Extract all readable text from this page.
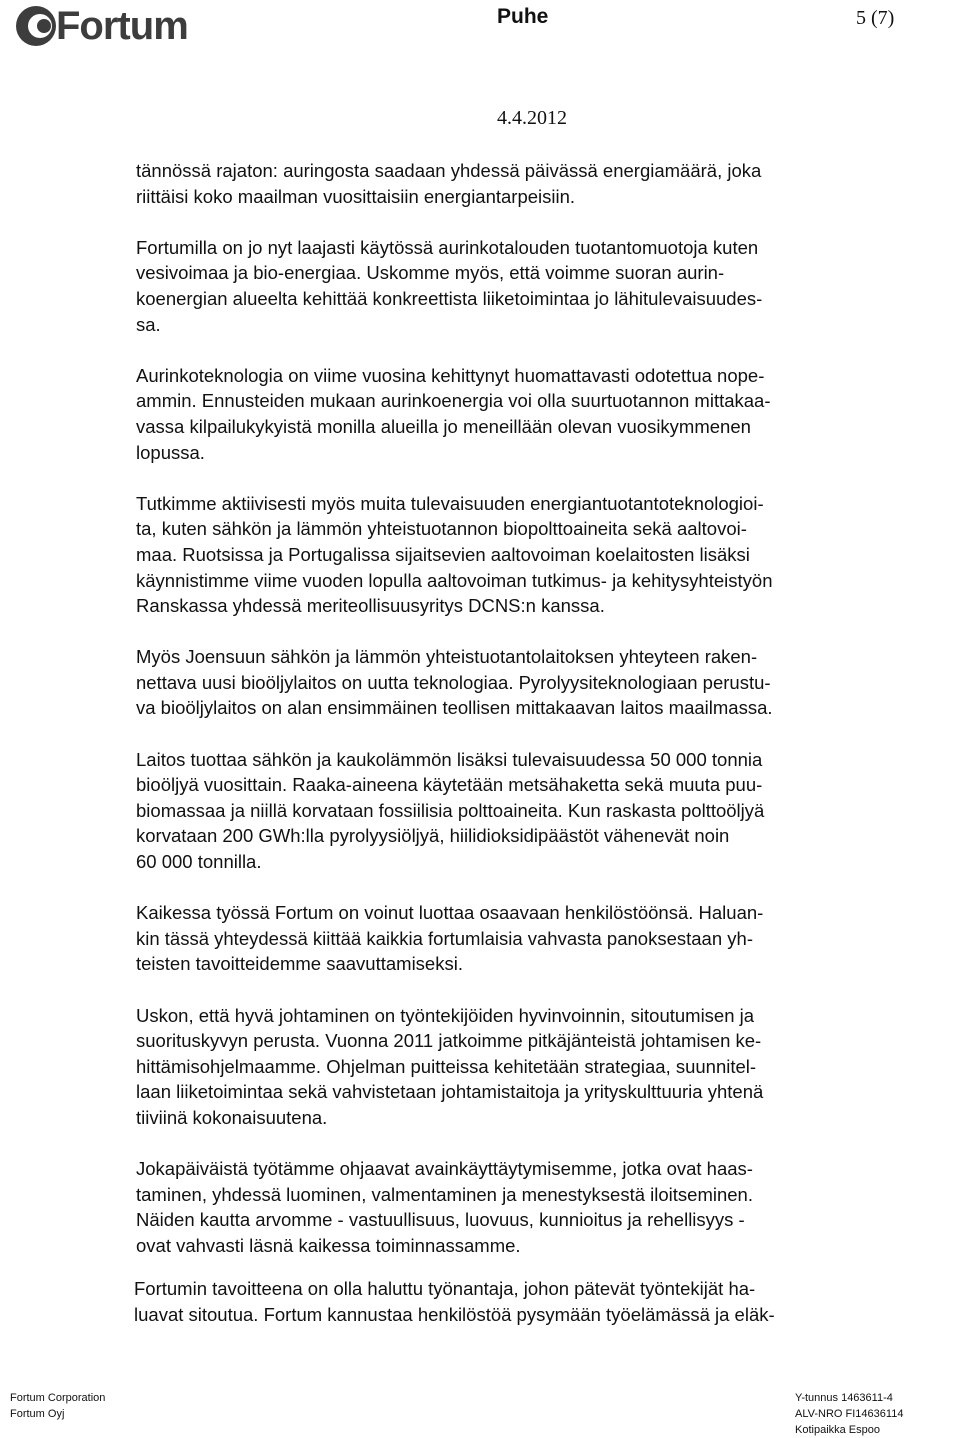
Fortum	Puhe	5 (7)
4.4.2012

tännössä rajaton: auringosta saadaan yhdessä päivässä energiamäärä, joka
riittäisi koko maailman vuosittaisiin energiantarpeisiin.

Fortumilla on jo nyt laajasti käytössä aurinkotalouden tuotantomuotoja kuten
vesivoimaa ja bio-energiaa. Uskomme myös, että voimme suoran aurin-
koenergian alueelta kehittää konkreettista liiketoimintaa jo lähitulevaisuudes-
sa.

Aurinkoteknologia on viime vuosina kehittynyt huomattavasti odotettua nope-
ammin. Ennusteiden mukaan aurinkoenergia voi olla suurtuotannon mittakaa-
vassa kilpailukykyistä monilla alueilla jo meneillään olevan vuosikymmenen
lopussa.

Tutkimme aktiivisesti myös muita tulevaisuuden energiantuotantoteknologioi-
ta, kuten sähkön ja lämmön yhteistuotannon biopolttoaineita sekä aaltovoi-
maa. Ruotsissa ja Portugalissa sijaitsevien aaltovoiman koelaitosten lisäksi
käynnistimme viime vuoden lopulla aaltovoiman tutkimus- ja kehitysyhteistyön
Ranskassa yhdessä meriteollisuusyritys DCNS:n kanssa.

Myös Joensuun sähkön ja lämmön yhteistuotantolaitoksen yhteyteen raken-
nettava uusi bioöljylaitos on uutta teknologiaa. Pyrolyysiteknologiaan perustu-
va bioöljylaitos on alan ensimmäinen teollisen mittakaavan laitos maailmassa.

Laitos tuottaa sähkön ja kaukolämmön lisäksi tulevaisuudessa 50 000 tonnia
bioöljyä vuosittain. Raaka-aineena käytetään metsähaketta sekä muuta puu-
biomassaa ja niillä korvataan fossiilisia polttoaineita. Kun raskasta polttoöljyä
korvataan 200 GWh:lla pyrolyysiöljyä, hiilidioksidipäästöt vähenevät noin
60 000 tonnilla.

Kaikessa työssä Fortum on voinut luottaa osaavaan henkilöstöönsä. Haluan-
kin tässä yhteydessä kiittää kaikkia fortumlaisia vahvasta panoksestaan yh-
teisten tavoitteidemme saavuttamiseksi.

Uskon, että hyvä johtaminen on työntekijöiden hyvinvoinnin, sitoutumisen ja
suorituskyvyn perusta. Vuonna 2011 jatkoimme pitkäjänteistä johtamisen ke-
hittämisohjelmaamme. Ohjelman puitteissa kehitetään strategiaa, suunnitel-
laan liiketoimintaa sekä vahvistetaan johtamistaitoja ja yrityskulttuuria yhtenä
tiiviinä kokonaisuutena.

Jokapäiväistä työtämme ohjaavat avainkäyttäytymisemme, jotka ovat haas-
taminen, yhdessä luominen, valmentaminen ja menestyksestä iloitseminen.
Näiden kautta arvomme - vastuullisuus, luovuus, kunnioitus ja rehellisyys -
ovat vahvasti läsnä kaikessa toiminnassamme.

Fortumin tavoitteena on olla haluttu työnantaja, johon pätevät työntekijät ha-
luavat sitoutua. Fortum kannustaa henkilöstöä pysymään työelämässä ja eläk-

Fortum Corporation
Fortum Oyj
Y-tunnus 1463611-4
ALV-NRO FI14636114
Kotipaikka Espoo
